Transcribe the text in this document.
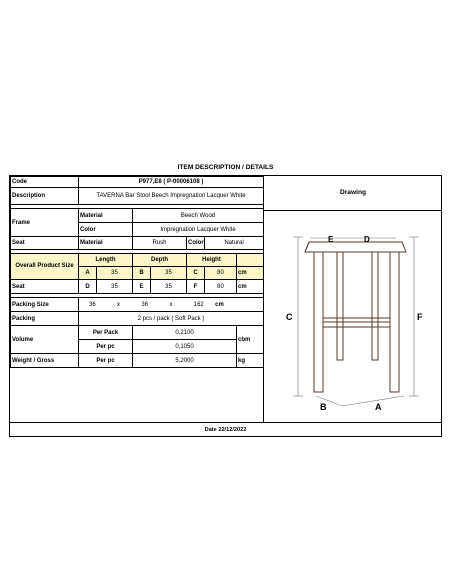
ITEM DESCRIPTION / DETAILS
Code	P977,E8 ( P-00006108 )						
Description	TAVERNA Bar Stool Beech Impregnation Lacquer White						

Frame	Material		Beech Wood				
	Color		Impregnation Lacquer White				
Seat	Material		Rush		Color	Natural	

Overall Product Size	Length		Depth		Height		
	A	35	B	35	C	80	cm
Seat	D	35	E	35	F	80	cm

Packing Size	36 x 36 x 162 cm						
Packing	2 pcs / pack ( Soft Pack )						
Volume	Per Pack		0,2100				cbm
	Per pc		0,1050				
Weight / Gross	Per pc		5,2000				kg
Drawing
A
B
C
D
E
F
Date 22/12/2022
